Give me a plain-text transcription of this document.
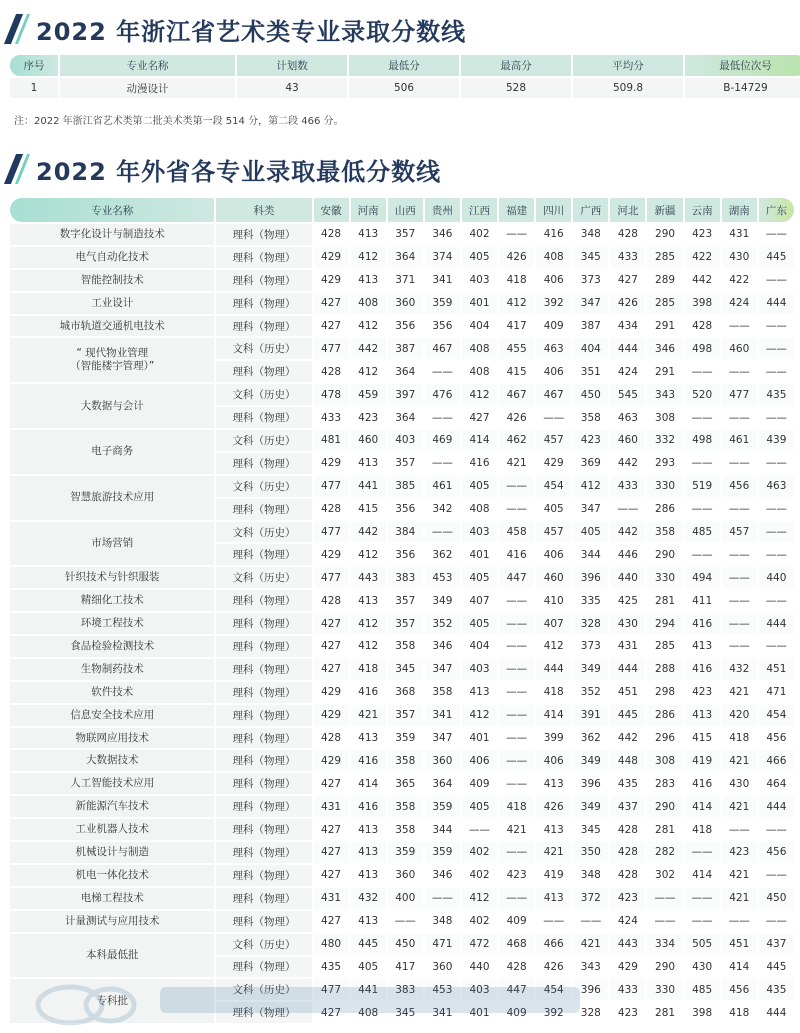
2022 年浙江省艺术类专业录取分数线
序号	专业名称	计划数	最低分	最高分	平均分	最低位次号
1	动漫设计	43	506	528	509.8	B-14729
注：2022 年浙江省艺术类第二批美术类第一段 514 分，第二段 466 分。
2022 年外省各专业录取最低分数线
专业名称	科类	安徽	河南	山西	贵州	江西	福建	四川	广西	河北	新疆	云南	湖南	广东
数字化设计与制造技术	理科（物理）	428	413	357	346	402	——	416	348	428	290	423	431	——
电气自动化技术	理科（物理）	429	412	364	374	405	426	408	345	433	285	422	430	445
智能控制技术	理科（物理）	429	413	371	341	403	418	406	373	427	289	442	422	——
工业设计	理科（物理）	427	408	360	359	401	412	392	347	426	285	398	424	444
城市轨道交通机电技术	理科（物理）	427	412	356	356	404	417	409	387	434	291	428	——	——
“ 现代物业管理
（智能楼宇管理）”	文科（历史）	477	442	387	467	408	455	463	404	444	346	498	460	——
	理科（物理）	428	412	364	——	408	415	406	351	424	291	——	——	——
大数据与会计	文科（历史）	478	459	397	476	412	467	467	450	545	343	520	477	435
	理科（物理）	433	423	364	——	427	426	——	358	463	308	——	——	——
电子商务	文科（历史）	481	460	403	469	414	462	457	423	460	332	498	461	439
	理科（物理）	429	413	357	——	416	421	429	369	442	293	——	——	——
智慧旅游技术应用	文科（历史）	477	441	385	461	405	——	454	412	433	330	519	456	463
	理科（物理）	428	415	356	342	408	——	405	347	——	286	——	——	——
市场营销	文科（历史）	477	442	384	——	403	458	457	405	442	358	485	457	——
	理科（物理）	429	412	356	362	401	416	406	344	446	290	——	——	——
针织技术与针织服装	文科（历史）	477	443	383	453	405	447	460	396	440	330	494	——	440
精细化工技术	理科（物理）	428	413	357	349	407	——	410	335	425	281	411	——	——
环境工程技术	理科（物理）	427	412	357	352	405	——	407	328	430	294	416	——	444
食品检验检测技术	理科（物理）	427	412	358	346	404	——	412	373	431	285	413	——	——
生物制药技术	理科（物理）	427	418	345	347	403	——	444	349	444	288	416	432	451
软件技术	理科（物理）	429	416	368	358	413	——	418	352	451	298	423	421	471
信息安全技术应用	理科（物理）	429	421	357	341	412	——	414	391	445	286	413	420	454
物联网应用技术	理科（物理）	428	413	359	347	401	——	399	362	442	296	415	418	456
大数据技术	理科（物理）	429	416	358	360	406	——	406	349	448	308	419	421	466
人工智能技术应用	理科（物理）	427	414	365	364	409	——	413	396	435	283	416	430	464
新能源汽车技术	理科（物理）	431	416	358	359	405	418	426	349	437	290	414	421	444
工业机器人技术	理科（物理）	427	413	358	344	——	421	413	345	428	281	418	——	——
机械设计与制造	理科（物理）	427	413	359	359	402	——	421	350	428	282	——	423	456
机电一体化技术	理科（物理）	427	413	360	346	402	423	419	348	428	302	414	421	——
电梯工程技术	理科（物理）	431	432	400	——	412	——	413	372	423	——	——	421	450
计量测试与应用技术	理科（物理）	427	413	——	348	402	409	——	——	424	——	——	——	——
本科最低批	文科（历史）	480	445	450	471	472	468	466	421	443	334	505	451	437
	理科（物理）	435	405	417	360	440	428	426	343	429	290	430	414	445
专科批	文科（历史）	477	441	383	453	403	447	454	396	433	330	485	456	435
	理科（物理）	427	408	345	341	401	409	392	328	423	281	398	418	444
